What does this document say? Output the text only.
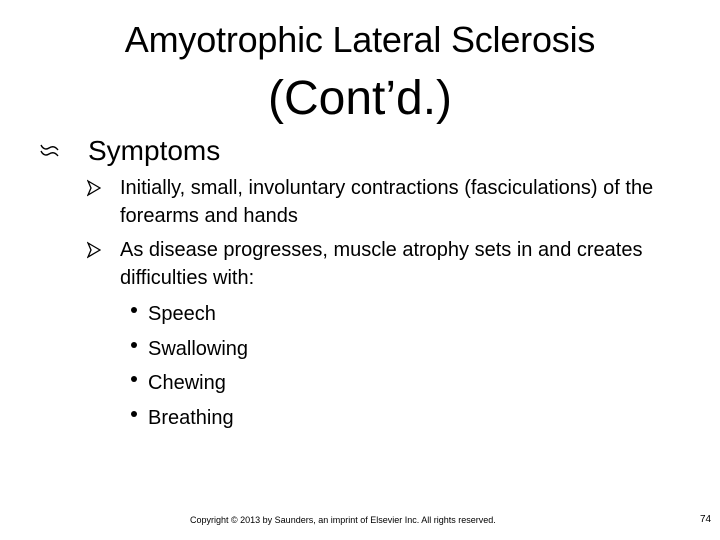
Amyotrophic Lateral Sclerosis
(Cont’d.)
Symptoms
Initially, small, involuntary contractions (fasciculations) of the forearms and hands
As disease progresses, muscle atrophy sets in and creates difficulties with:
Speech
Swallowing
Chewing
Breathing
Copyright © 2013 by Saunders, an imprint of Elsevier Inc. All rights reserved.	74
